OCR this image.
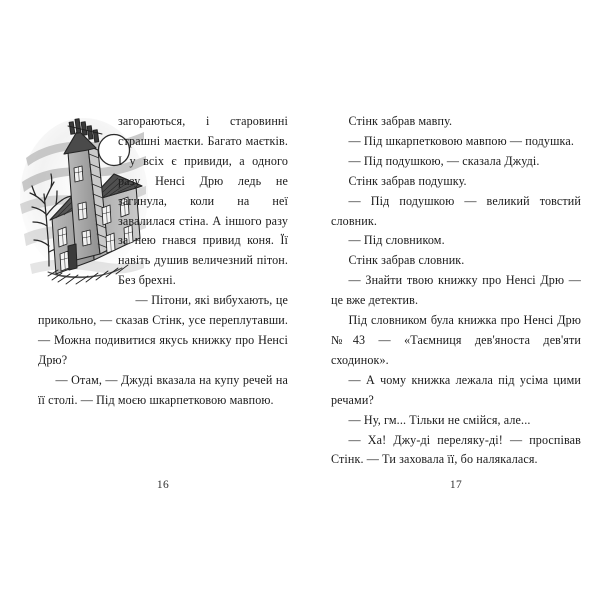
загораються, і старовинні страшні маєтки. Багато маєтків. І у всіх є привиди, а одного разу Ненсі Дрю ледь не загинула, коли на неї завалилася стіна. А іншого разу за нею гнався привид коня. Її навіть душив величезний пітон. Без брехні.

— Пітони, які вибухають, це прикольно, — сказав Стінк, усе переплутавши. — Можна подивитися якусь книжку про Ненсі Дрю?

— Отам, — Джуді вказала на купу речей на її столі. — Під моєю шкарпетковою мавпою.

16

Стінк забрав мавпу.

— Під шкарпетковою мавпою — подушка.

— Під подушкою, — сказала Джуді.

Стінк забрав подушку.

— Під подушкою — великий товстий словник.

— Під словником.

Стінк забрав словник.

— Знайти твою книжку про Ненсі Дрю — це вже детектив.

Під словником була книжка про Ненсі Дрю №43 — «Таємниця дев'яноста дев'яти сходинок».

— А чому книжка лежала під усіма цими речами?

— Ну, гм... Тільки не смійся, але...

— Ха! Джу-ді переляку-ді! — проспівав Стінк. — Ти заховала її, бо налякалася.

17
